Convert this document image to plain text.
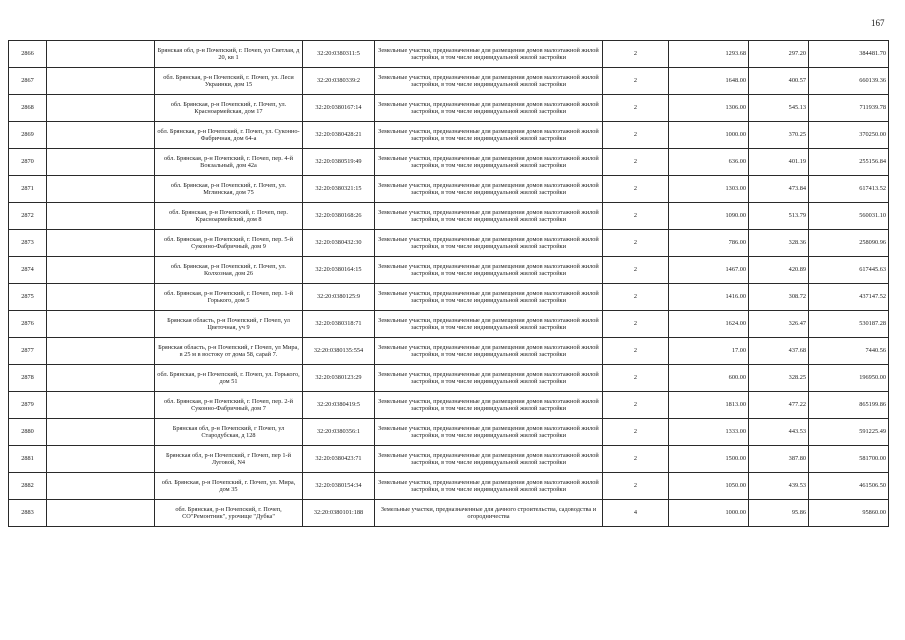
167
2866		Брянская обл, р-н Почепский, г. Почеп, ул Светлая, д 20, кв 1	32:20:0380311:5	Земельные участки, предназначенные для размещения домов малоэтажной жилой застройки, в том числе индивидуальной жилой застройки	2	1293.68	297.20	384481.70
2867		обл. Брянская, р-н Почепский, г. Почеп, ул. Леси Украинки, дом 15	32:20:0380339:2	Земельные участки, предназначенные для размещения домов малоэтажной жилой застройки, в том числе индивидуальной жилой застройки	2	1648.00	400.57	660139.36
2868		обл. Брянская, р-н Почепский, г. Почеп, ул. Красноармейская, дом 17	32:20:0380167:14	Земельные участки, предназначенные для размещения домов малоэтажной жилой застройки, в том числе индивидуальной жилой застройки	2	1306.00	545.13	711939.78
2869		обл. Брянская, р-н Почепский, г. Почеп, ул. Суконно-Фабричная, дом 64-а	32:20:0380428:21	Земельные участки, предназначенные для размещения домов малоэтажной жилой застройки, в том числе индивидуальной жилой застройки	2	1000.00	370.25	370250.00
2870		обл. Брянская, р-н Почепский, г. Почеп, пер. 4-й Вокзальный, дом 42а	32:20:0380519:49	Земельные участки, предназначенные для размещения домов малоэтажной жилой застройки, в том числе индивидуальной жилой застройки	2	636.00	401.19	255156.84
2871		обл. Брянская, р-н Почепский, г. Почеп, ул. Мглинская, дом 75	32:20:0380321:15	Земельные участки, предназначенные для размещения домов малоэтажной жилой застройки, в том числе индивидуальной жилой застройки	2	1303.00	473.84	617413.52
2872		обл. Брянская, р-н Почепский, г. Почеп, пер. Красноармейский, дом 8	32:20:0380168:26	Земельные участки, предназначенные для размещения домов малоэтажной жилой застройки, в том числе индивидуальной жилой застройки	2	1090.00	513.79	560031.10
2873		обл. Брянская, р-н Почепский, г. Почеп, пер. 5-й Суконно-Фабричный, дом 9	32:20:0380432:30	Земельные участки, предназначенные для размещения домов малоэтажной жилой застройки, в том числе индивидуальной жилой застройки	2	786.00	328.36	258090.96
2874		обл. Брянская, р-н Почепский, г. Почеп, ул. Колхозная, дом 26	32:20:0380164:15	Земельные участки, предназначенные для размещения домов малоэтажной жилой застройки, в том числе индивидуальной жилой застройки	2	1467.00	420.89	617445.63
2875		обл. Брянская, р-н Почепский, г. Почеп, пер. 1-й Горького, дом 5	32:20:0380125:9	Земельные участки, предназначенные для размещения домов малоэтажной жилой застройки, в том числе индивидуальной жилой застройки	2	1416.00	308.72	437147.52
2876		Брянская область, р-н Почепский, г Почеп, ул Цветочная, уч 9	32:20:0380318:71	Земельные участки, предназначенные для размещения домов малоэтажной жилой застройки, в том числе индивидуальной жилой застройки	2	1624.00	326.47	530187.28
2877		Брянская область, р-н Почепский, г Почеп, ул Мира, в 25 м в востоку от дома 58, сарай 7.	32:20:0380135:554	Земельные участки, предназначенные для размещения домов малоэтажной жилой застройки, в том числе индивидуальной жилой застройки	2	17.00	437.68	7440.56
2878		обл. Брянская, р-н Почепский, г. Почеп, ул. Горького, дом 51	32:20:0380123:29	Земельные участки, предназначенные для размещения домов малоэтажной жилой застройки, в том числе индивидуальной жилой застройки	2	600.00	328.25	196950.00
2879		обл. Брянская, р-н Почепский, г. Почеп, пер. 2-й Суконно-Фабричный, дом 7	32:20:0380419:5	Земельные участки, предназначенные для размещения домов малоэтажной жилой застройки, в том числе индивидуальной жилой застройки	2	1813.00	477.22	865199.86
2880		Брянская обл, р-н Почепский, г Почеп, ул Стародубская, д 128	32:20:0380356:1	Земельные участки, предназначенные для размещения домов малоэтажной жилой застройки, в том числе индивидуальной жилой застройки	2	1333.00	443.53	591225.49
2881		Брянская обл, р-н Почепский, г Почеп, пер 1-й Луговой, N4	32:20:0380423:71	Земельные участки, предназначенные для размещения домов малоэтажной жилой застройки, в том числе индивидуальной жилой застройки	2	1500.00	387.80	581700.00
2882		обл. Брянская, р-н Почепский, г. Почеп, ул. Мира, дом 35	32:20:0380154:34	Земельные участки, предназначенные для размещения домов малоэтажной жилой застройки, в том числе индивидуальной жилой застройки	2	1050.00	439.53	461506.50
2883		обл. Брянская, р-н Почепский, г. Почеп, СО"Ремонтник", урочище "Дубка"	32:20:0380101:188	Земельные участки, предназначенные для дачного строительства, садоводства и огородничества	4	1000.00	95.86	95860.00
